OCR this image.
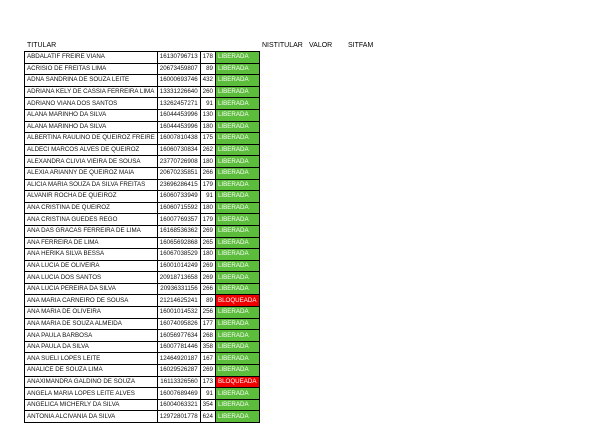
TITULAR	NISTITULAR VALOR SITFAM
ABDALATIF FREIRE VIANA	16130796713	178	LIBERADA
ACRISIO DE FREITAS LIMA	20673459807	89	LIBERADA
ADNA SANDRINA DE SOUZA LEITE	16000693746	432	LIBERADA
ADRIANA KELY DE CASSIA FERREIRA LIMA	13331226640	260	LIBERADA
ADRIANO VIANA DOS SANTOS	13262457271	91	LIBERADA
ALANA MARINHO DA SILVA	16044453996	130	LIBERADA
ALANA MARINHO DA SILVA	16044453996	180	LIBERADA
ALBERTINA RAULINO DE QUEIROZ FREIRE	16007810438	175	LIBERADA
ALDECI MARCOS ALVES DE QUEIROZ	16060730834	262	LIBERADA
ALEXANDRA CLIVIA VIEIRA DE SOUSA	23770726908	180	LIBERADA
ALEXIA ARIANNY DE QUEIROZ MAIA	20670235851	266	LIBERADA
ALICIA MARIA SOUZA DA SILVA FREITAS	23696286415	179	LIBERADA
ALVANIR ROCHA DE QUEIROZ	16060733949	91	LIBERADA
ANA CRISTINA DE QUEIROZ	16060715592	180	LIBERADA
ANA CRISTINA GUEDES REGO	16007769357	179	LIBERADA
ANA DAS GRACAS FERREIRA DE LIMA	16168536362	269	LIBERADA
ANA FERREIRA DE LIMA	16065692868	265	LIBERADA
ANA HERIKA SILVA BESSA	16067038529	180	LIBERADA
ANA LUCIA DE OLIVEIRA	16001014249	269	LIBERADA
ANA LUCIA DOS SANTOS	20918713658	269	LIBERADA
ANA LUCIA PEREIRA DA SILVA	20936331156	266	LIBERADA
ANA MARIA CARNEIRO DE SOUSA	21214625241	89	BLOQUEADA
ANA MARIA DE OLIVEIRA	16001014532	256	LIBERADA
ANA MARIA DE SOUZA ALMEIDA	16074095826	177	LIBERADA
ANA PAULA BARBOSA	16056977634	268	LIBERADA
ANA PAULA DA SILVA	16007781446	358	LIBERADA
ANA SUELI LOPES LEITE	12464920187	167	LIBERADA
ANALICE DE SOUZA LIMA	16029526287	269	LIBERADA
ANAXIMANDRA GALDINO DE SOUZA	16113326560	173	BLOQUEADA
ANGELA MARIA LOPES LEITE ALVES	16007689469	91	LIBERADA
ANGELICA MICHERLY DA SILVA	16004063321	354	LIBERADA
ANTONIA ALCIVANIA DA SILVA	12972801778	624	LIBERADA
